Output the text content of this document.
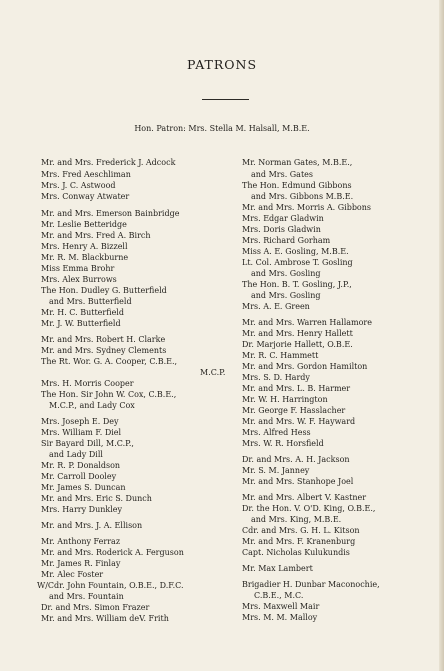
PATRONS
Hon. Patron: Mrs. Stella M. Halsall, M.B.E.
Mr. and Mrs. Frederick J. Adcock
Mrs. Fred Aeschliman
Mrs. J. C. Astwood
Mrs. Conway Atwater
Mr. and Mrs. Emerson Bainbridge
Mr. Leslie Betteridge
Mr. and Mrs. Fred A. Birch
Mrs. Henry A. Bizzell
Mr. R. M. Blackburne
Miss Emma Brohr
Mrs. Alex Burrows
The Hon. Dudley G. Butterfield
and Mrs. Butterfield
Mr. H. C. Butterfield
Mr. J. W. Butterfield
Mr. and Mrs. Robert H. Clarke
Mr. and Mrs. Sydney Clements
The Rt. Wor. G. A. Cooper, C.B.E.,
M.C.P.
Mrs. H. Morris Cooper
The Hon. Sir John W. Cox, C.B.E.,
M.C.P., and Lady Cox
Mrs. Joseph E. Dey
Mrs. William F. Diel
Sir Bayard Dill, M.C.P.,
and Lady Dill
Mr. R. P. Donaldson
Mr. Carroll Dooley
Mr. James S. Duncan
Mr. and Mrs. Eric S. Dunch
Mrs. Harry Dunkley
Mr. and Mrs. J. A. Ellison
Mr. Anthony Ferraz
Mr. and Mrs. Roderick A. Ferguson
Mr. James R. Finlay
Mr. Alec Foster
W/Cdr. John Fountain, O.B.E., D.F.C.
and Mrs. Fountain
Dr. and Mrs. Simon Frazer
Mr. and Mrs. William deV. Frith
Mr. Norman Gates, M.B.E.,
and Mrs. Gates
The Hon. Edmund Gibbons
and Mrs. Gibbons M.B.E.
Mr. and Mrs. Morris A. Gibbons
Mrs. Edgar Gladwin
Mrs. Doris Gladwin
Mrs. Richard Gorham
Miss A. E. Gosling, M.B.E.
Lt. Col. Ambrose T. Gosling
and Mrs. Gosling
The Hon. B. T. Gosling, J.P.,
and Mrs. Gosling
Mrs. A. E. Green
Mr. and Mrs. Warren Hallamore
Mr. and Mrs. Henry Hallett
Dr. Marjorie Hallett, O.B.E.
Mr. R. C. Hammett
Mr. and Mrs. Gordon Hamilton
Mrs. S. D. Hardy
Mr. and Mrs. L. B. Harmer
Mr. W. H. Harrington
Mr. George F. Hasslacher
Mr. and Mrs. W. F. Hayward
Mrs. Alfred Hess
Mrs. W. R. Horsfield
Dr. and Mrs. A. H. Jackson
Mr. S. M. Janney
Mr. and Mrs. Stanhope Joel
Mr. and Mrs. Albert V. Kastner
Dr. the Hon. V. O'D. King, O.B.E.,
and Mrs. King, M.B.E.
Cdr. and Mrs. G. H. L. Kitson
Mr. and Mrs. F. Kranenburg
Capt. Nicholas Kulukundis
Mr. Max Lambert
Brigadier H. Dunbar Maconochie,
C.B.E., M.C.
Mrs. Maxwell Mair
Mrs. M. M. Malloy
